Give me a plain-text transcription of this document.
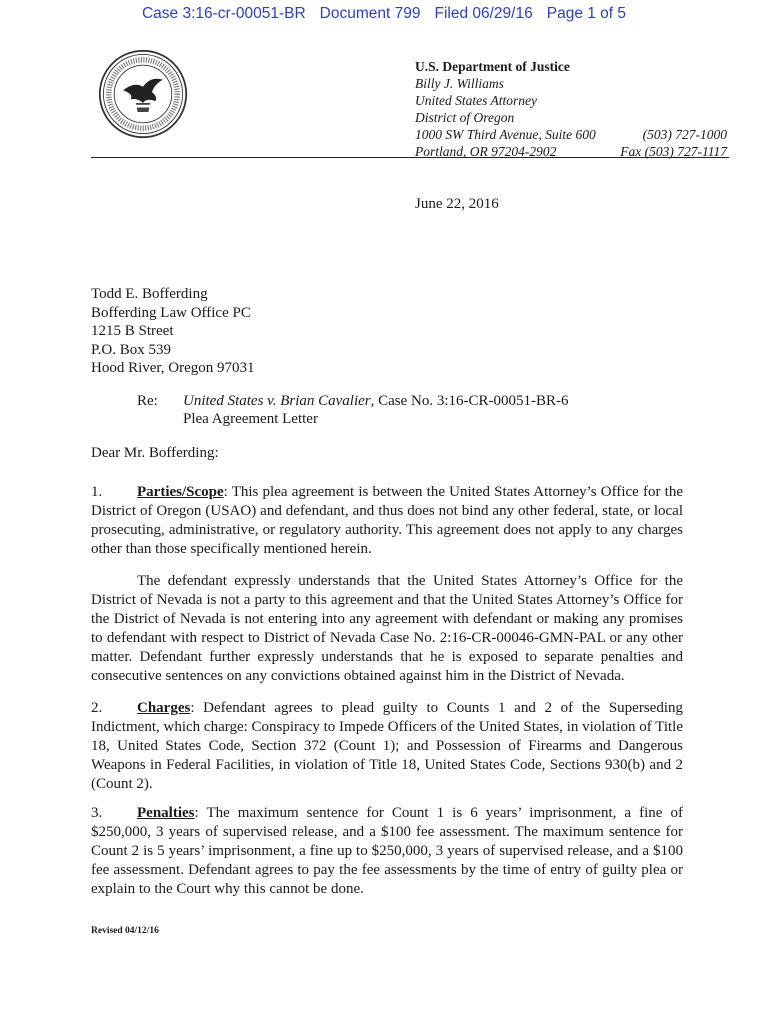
Case 3:16-cr-00051-BR Document 799 Filed 06/29/16 Page 1 of 5
U.S. Department of Justice
Billy J. Williams
United States Attorney
District of Oregon
1000 SW Third Avenue, Suite 600	(503) 727-1000
Portland, OR 97204-2902	Fax (503) 727-1117
June 22, 2016
Todd E. Bofferding
Bofferding Law Office PC
1215 B Street
P.O. Box 539
Hood River, Oregon 97031
Re: United States v. Brian Cavalier, Case No. 3:16-CR-00051-BR-6
Plea Agreement Letter
Dear Mr. Bofferding:
1. Parties/Scope: This plea agreement is between the United States Attorney’s Office for the District of Oregon (USAO) and defendant, and thus does not bind any other federal, state, or local prosecuting, administrative, or regulatory authority. This agreement does not apply to any charges other than those specifically mentioned herein.
The defendant expressly understands that the United States Attorney’s Office for the District of Nevada is not a party to this agreement and that the United States Attorney’s Office for the District of Nevada is not entering into any agreement with defendant or making any promises to defendant with respect to District of Nevada Case No. 2:16-CR-00046-GMN-PAL or any other matter. Defendant further expressly understands that he is exposed to separate penalties and consecutive sentences on any convictions obtained against him in the District of Nevada.
2. Charges: Defendant agrees to plead guilty to Counts 1 and 2 of the Superseding Indictment, which charge: Conspiracy to Impede Officers of the United States, in violation of Title 18, United States Code, Section 372 (Count 1); and Possession of Firearms and Dangerous Weapons in Federal Facilities, in violation of Title 18, United States Code, Sections 930(b) and 2 (Count 2).
3. Penalties: The maximum sentence for Count 1 is 6 years’ imprisonment, a fine of $250,000, 3 years of supervised release, and a $100 fee assessment. The maximum sentence for Count 2 is 5 years’ imprisonment, a fine up to $250,000, 3 years of supervised release, and a $100 fee assessment. Defendant agrees to pay the fee assessments by the time of entry of guilty plea or explain to the Court why this cannot be done.
Revised 04/12/16
